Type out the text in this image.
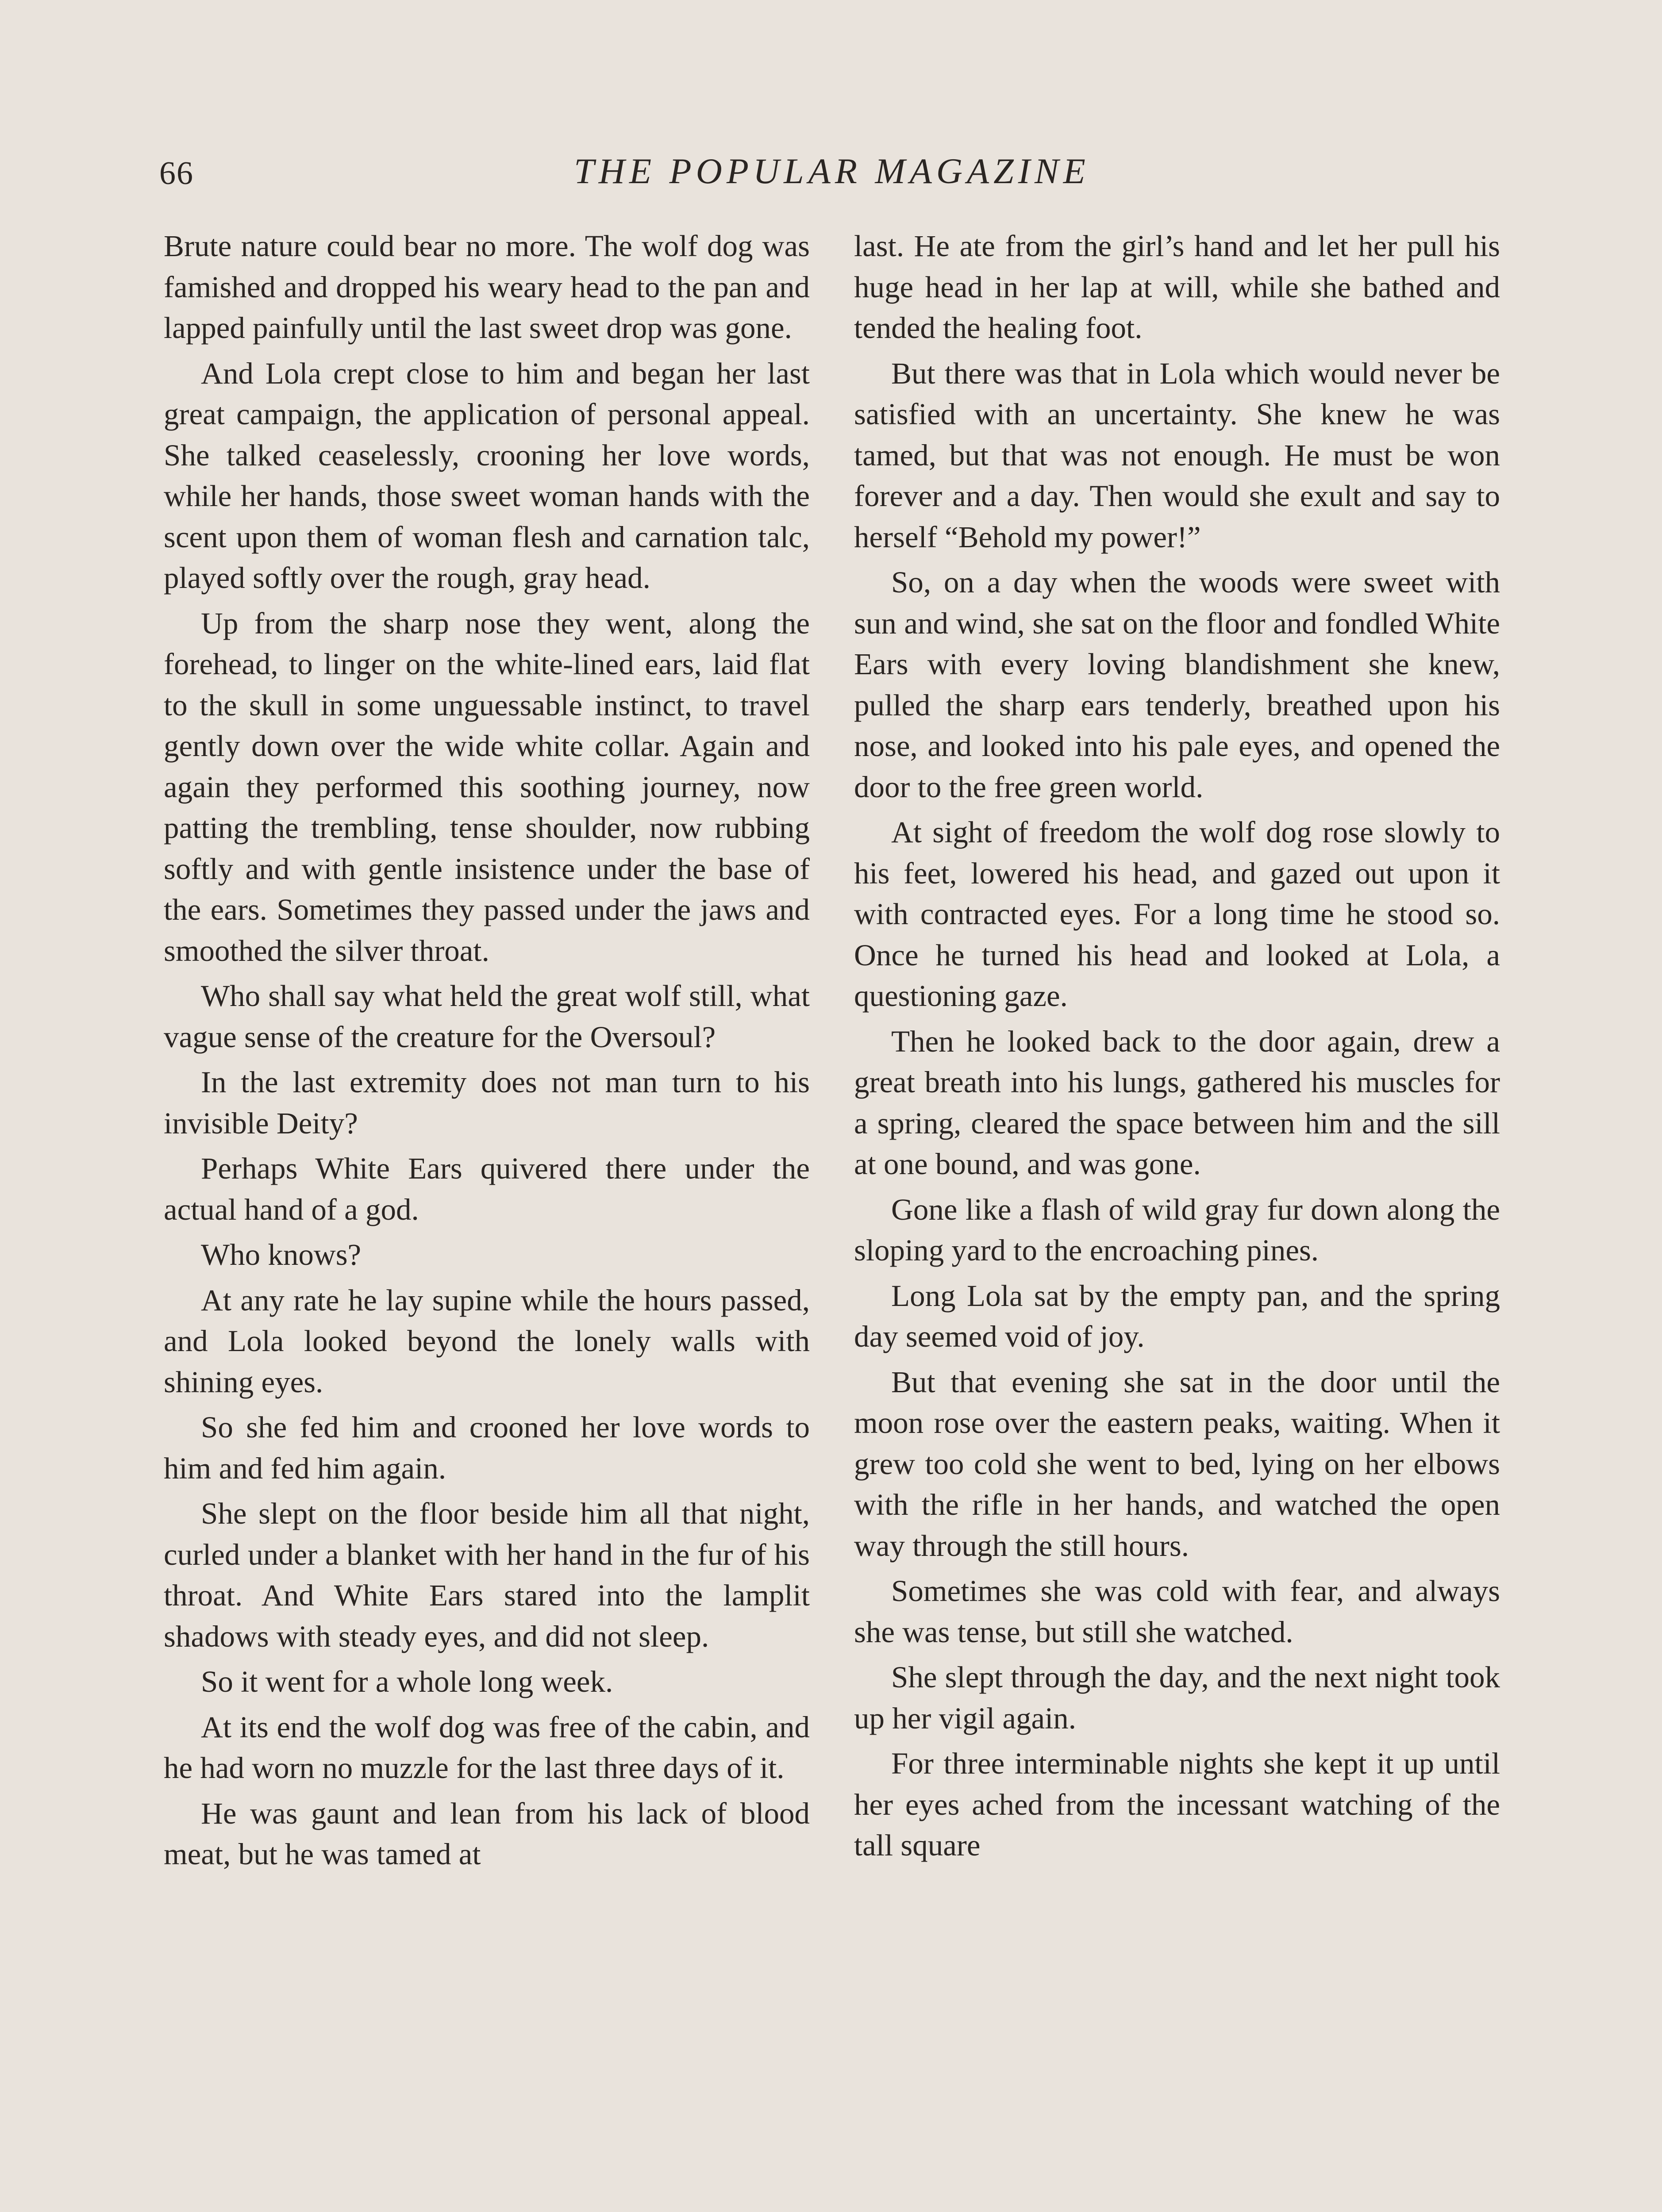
66	THE POPULAR MAGAZINE

Brute nature could bear no more. The wolf dog was famished and dropped his weary head to the pan and lapped painfully until the last sweet drop was gone.

And Lola crept close to him and began her last great campaign, the application of personal appeal. She talked ceaselessly, crooning her love words, while her hands, those sweet woman hands with the scent upon them of woman flesh and carnation talc, played softly over the rough, gray head.

Up from the sharp nose they went, along the forehead, to linger on the white-lined ears, laid flat to the skull in some unguessable instinct, to travel gently down over the wide white collar. Again and again they performed this soothing journey, now patting the trembling, tense shoulder, now rubbing softly and with gentle insistence under the base of the ears. Sometimes they passed under the jaws and smoothed the silver throat.

Who shall say what held the great wolf still, what vague sense of the creature for the Oversoul?

In the last extremity does not man turn to his invisible Deity?

Perhaps White Ears quivered there under the actual hand of a god.

Who knows?

At any rate he lay supine while the hours passed, and Lola looked beyond the lonely walls with shining eyes.

So she fed him and crooned her love words to him and fed him again.

She slept on the floor beside him all that night, curled under a blanket with her hand in the fur of his throat. And White Ears stared into the lamplit shadows with steady eyes, and did not sleep.

So it went for a whole long week.

At its end the wolf dog was free of the cabin, and he had worn no muzzle for the last three days of it.

He was gaunt and lean from his lack of blood meat, but he was tamed at

last. He ate from the girl’s hand and let her pull his huge head in her lap at will, while she bathed and tended the healing foot.

But there was that in Lola which would never be satisfied with an uncertainty. She knew he was tamed, but that was not enough. He must be won forever and a day. Then would she exult and say to herself “Behold my power!”

So, on a day when the woods were sweet with sun and wind, she sat on the floor and fondled White Ears with every loving blandishment she knew, pulled the sharp ears tenderly, breathed upon his nose, and looked into his pale eyes, and opened the door to the free green world.

At sight of freedom the wolf dog rose slowly to his feet, lowered his head, and gazed out upon it with contracted eyes. For a long time he stood so. Once he turned his head and looked at Lola, a questioning gaze.

Then he looked back to the door again, drew a great breath into his lungs, gathered his muscles for a spring, cleared the space between him and the sill at one bound, and was gone.

Gone like a flash of wild gray fur down along the sloping yard to the encroaching pines.

Long Lola sat by the empty pan, and the spring day seemed void of joy.

But that evening she sat in the door until the moon rose over the eastern peaks, waiting. When it grew too cold she went to bed, lying on her elbows with the rifle in her hands, and watched the open way through the still hours.

Sometimes she was cold with fear, and always she was tense, but still she watched.

She slept through the day, and the next night took up her vigil again.

For three interminable nights she kept it up until her eyes ached from the incessant watching of the tall square
